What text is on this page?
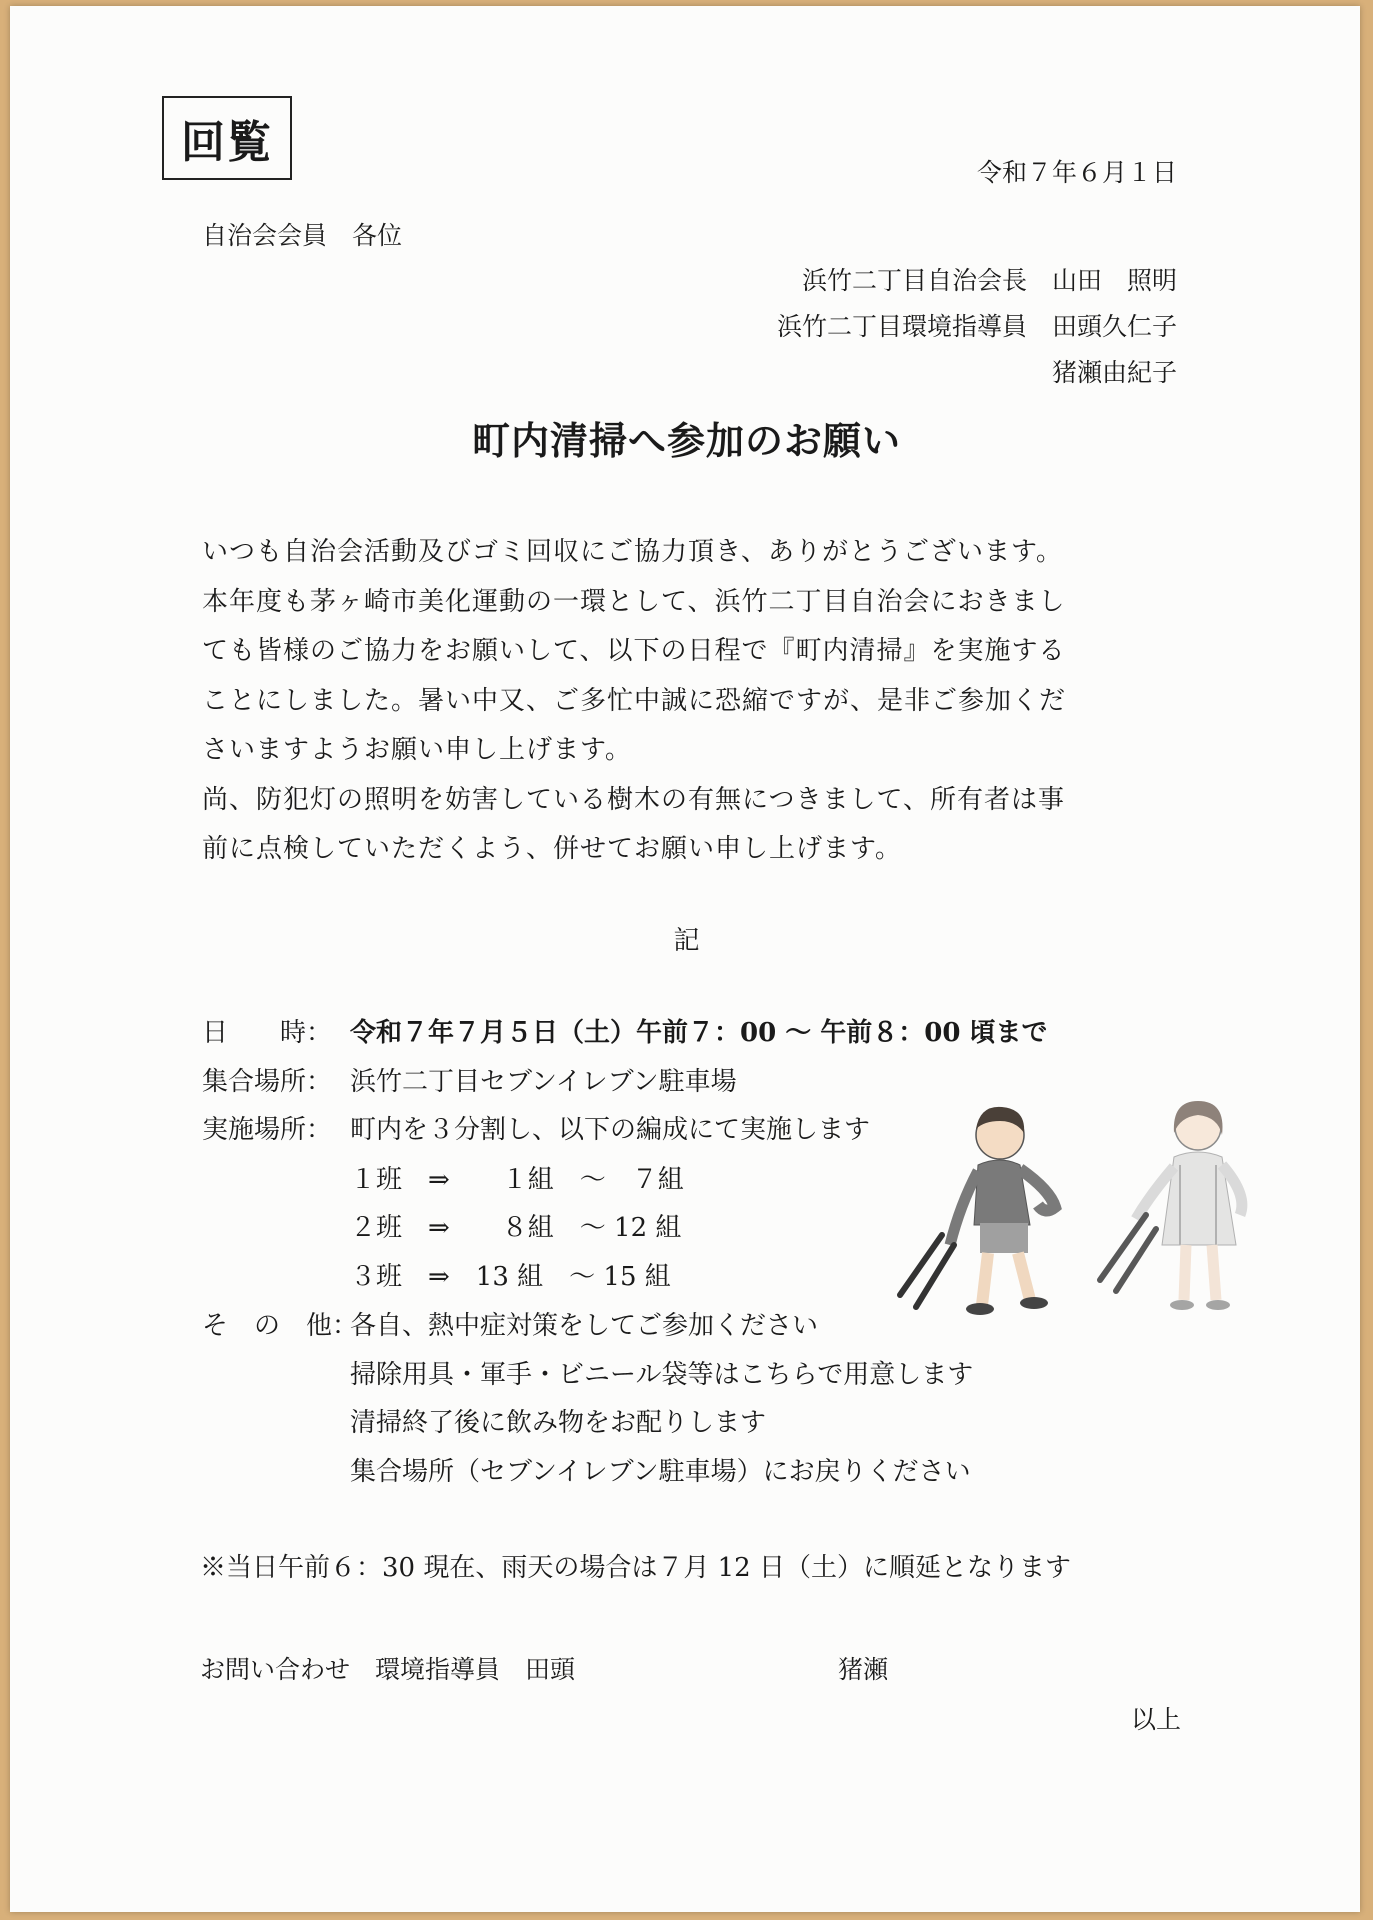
回覧
令和７年６月１日
自治会会員　各位
浜竹二丁目自治会長　山田　照明
浜竹二丁目環境指導員　田頭久仁子
猪瀬由紀子
町内清掃へ参加のお願い
いつも自治会活動及びゴミ回収にご協力頂き、ありがとうございます。
本年度も茅ヶ崎市美化運動の一環として、浜竹二丁目自治会におきまし
ても皆様のご協力をお願いして、以下の日程で『町内清掃』を実施する
ことにしました。暑い中又、ご多忙中誠に恐縮ですが、是非ご参加くだ
さいますようお願い申し上げます。
尚、防犯灯の照明を妨害している樹木の有無につきまして、所有者は事
前に点検していただくよう、併せてお願い申し上げます。
記
日　　時： 令和７年７月５日（土）午前７：00 ～ 午前８：00 頃まで
集合場所： 浜竹二丁目セブンイレブン駐車場
実施場所： 町内を３分割し、以下の編成にて実施します
１班　⇒　　１組　～　７組
２班　⇒　　８組　～ 12 組
３班　⇒　13 組　～ 15 組
そ　の　他：
各自、熱中症対策をしてご参加ください
掃除用具・軍手・ビニール袋等はこちらで用意します
清掃終了後に飲み物をお配りします
集合場所（セブンイレブン駐車場）にお戻りください
※当日午前６：30 現在、雨天の場合は７月 12 日（土）に順延となります
お問い合わせ　環境指導員　田頭	猪瀬
以上
